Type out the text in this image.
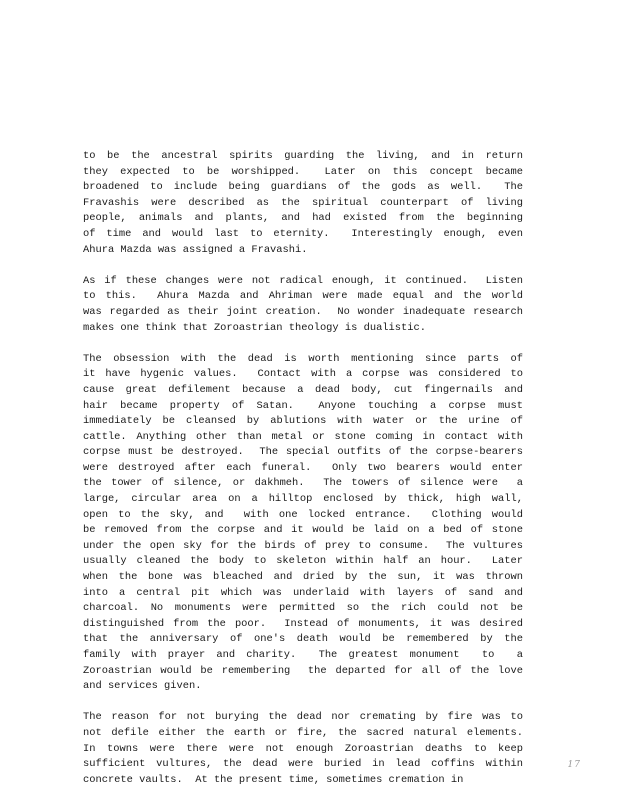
to be the ancestral spirits guarding the living, and in return
they expected to be worshipped.  Later on this concept became
broadened to include being guardians of the gods as well.  The
Fravashis were described as the spiritual counterpart of living
people, animals and plants, and had existed from the beginning
of time and would last to eternity.  Interestingly enough, even
Ahura Mazda was assigned a Fravashi.
As if these changes were not radical enough, it continued.  Listen
to this.  Ahura Mazda and Ahriman were made equal and the world
was regarded as their joint creation.  No wonder inadequate research
makes one think that Zoroastrian theology is dualistic.
The obsession with the dead is worth mentioning since parts of
it have hygenic values.  Contact with a corpse was considered to
cause great defilement because a dead body, cut fingernails and
hair became property of Satan.  Anyone touching a corpse must
immediately be cleansed by ablutions with water or the urine of
cattle. Anything other than metal or stone coming in contact with
corpse must be destroyed.  The special outfits of the corpse-bearers
were destroyed after each funeral.  Only two bearers would enter
the tower of silence, or dakhmeh.  The towers of silence were  a
large, circular area on a hilltop enclosed by thick, high wall,
open to the sky, and  with one locked entrance.  Clothing would
be removed from the corpse and it would be laid on a bed of stone
under the open sky for the birds of prey to consume.  The vultures
usually cleaned the body to skeleton within half an hour.  Later
when the bone was bleached and dried by the sun, it was thrown
into a central pit which was underlaid with layers of sand and
charcoal. No monuments were permitted so the rich could not be
distinguished from the poor.  Instead of monuments, it was desired
that the anniversary of one's death would be remembered by the
family with prayer and charity.  The greatest monument  to  a
Zoroastrian would be remembering  the departed for all of the love
and services given.
The reason for not burying the dead nor cremating by fire was to
not defile either the earth or fire, the sacred natural elements.
In towns were there were not enough Zoroastrian deaths to keep
sufficient vultures, the dead were buried in lead coffins within
concrete vaults.  At the present time, sometimes cremation in
17
